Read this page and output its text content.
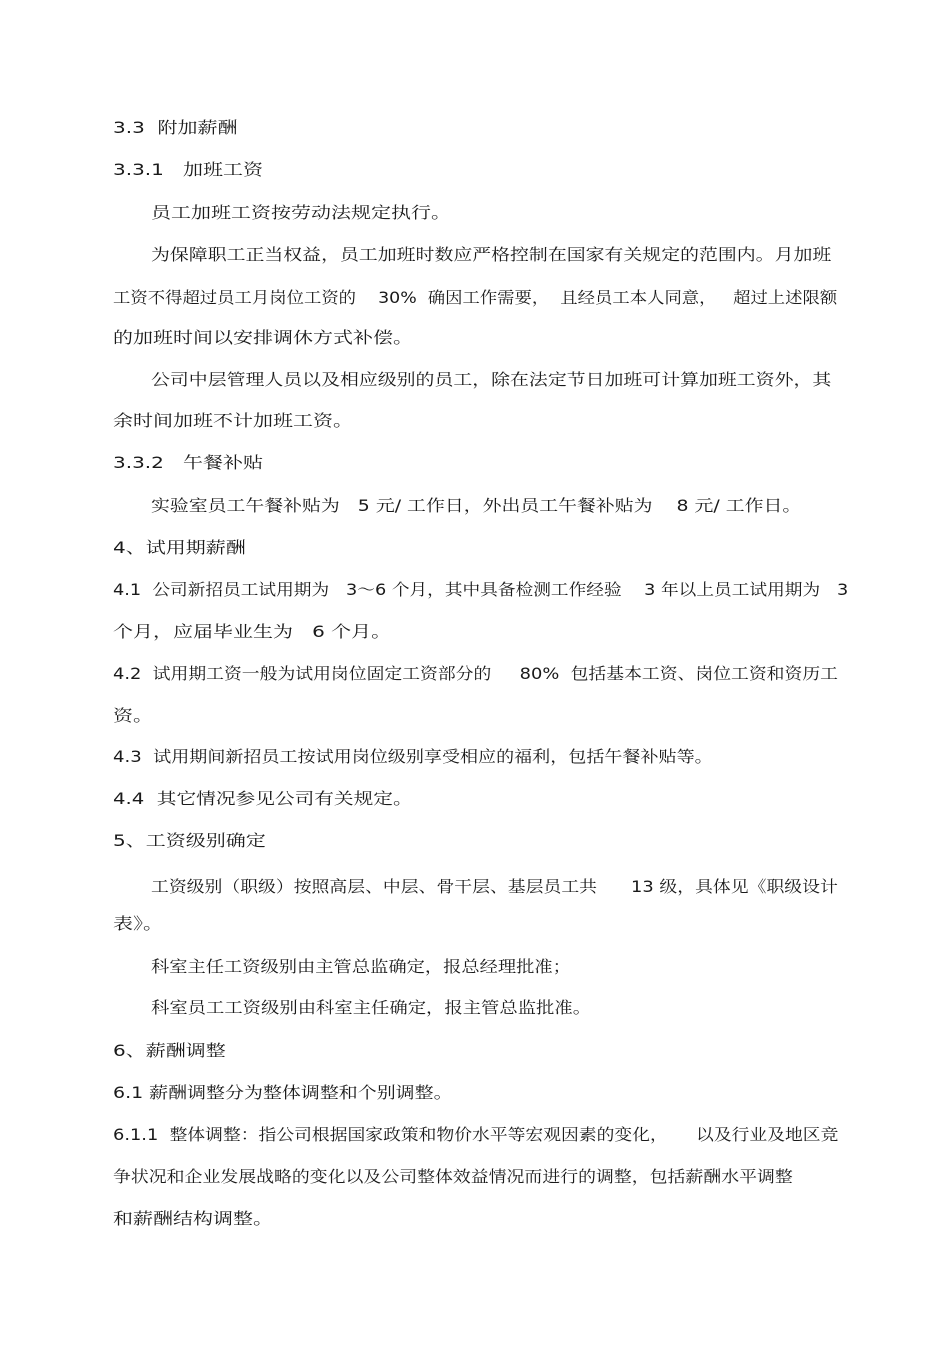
3.3  附加薪酬
3.3.1   加班工资
员工加班工资按劳动法规定执行。
为保障职工正当权益，员工加班时数应严格控制在国家有关规定的范围内。月加班
工资不得超过员工月岗位工资的    30%  确因工作需要，  且经员工本人同意，   超过上述限额
的加班时间以安排调休方式补偿。
公司中层管理人员以及相应级别的员工，除在法定节日加班可计算加班工资外，其
余时间加班不计加班工资。
3.3.2   午餐补贴
实验室员工午餐补贴为   5 元/ 工作日，外出员工午餐补贴为    8 元/ 工作日。
4、试用期薪酬
4.1  公司新招员工试用期为   3～6 个月，其中具备检测工作经验    3 年以上员工试用期为   3
个月，应届毕业生为   6 个月。
4.2  试用期工资一般为试用岗位固定工资部分的     80%  包括基本工资、岗位工资和资历工
资。
4.3  试用期间新招员工按试用岗位级别享受相应的福利，包括午餐补贴等。
4.4  其它情况参见公司有关规定。
5、工资级别确定
工资级别（职级）按照高层、中层、骨干层、基层员工共      13 级，具体见《职级设计
表》。
科室主任工资级别由主管总监确定，报总经理批准；
科室员工工资级别由科室主任确定，报主管总监批准。
6、薪酬调整
6.1 薪酬调整分为整体调整和个别调整。
6.1.1  整体调整：指公司根据国家政策和物价水平等宏观因素的变化，     以及行业及地区竞
争状况和企业发展战略的变化以及公司整体效益情况而进行的调整，包括薪酬水平调整
和薪酬结构调整。
